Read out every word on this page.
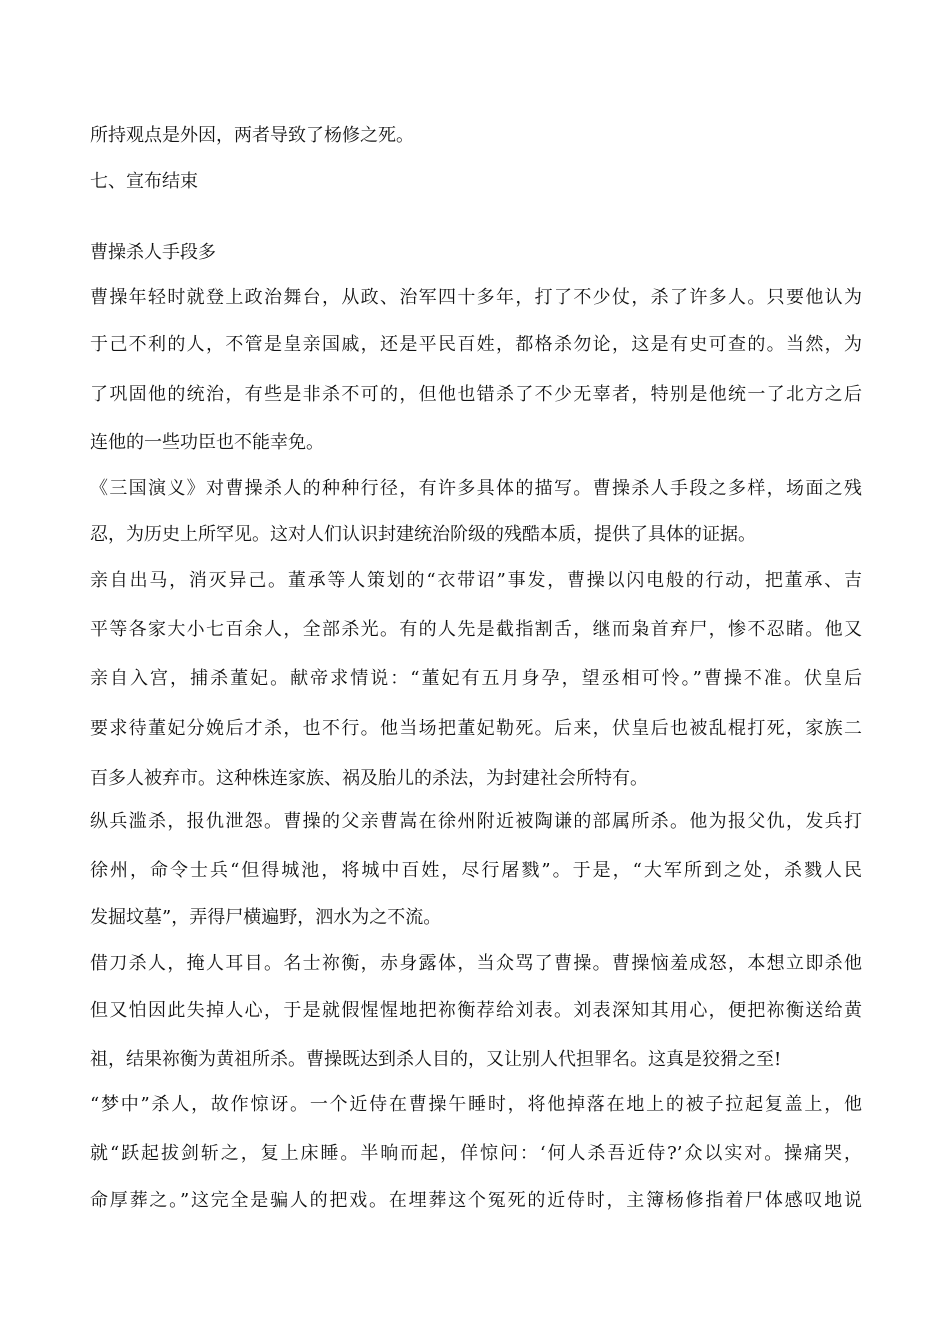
所持观点是外因，两者导致了杨修之死。
七、宣布结束
曹操杀人手段多
曹操年轻时就登上政治舞台，从政、治军四十多年，打了不少仗，杀了许多人。只要他认为
于己不利的人，不管是皇亲国戚，还是平民百姓，都格杀勿论，这是有史可查的。当然，为
了巩固他的统治，有些是非杀不可的，但他也错杀了不少无辜者，特别是他统一了北方之后
连他的一些功臣也不能幸免。
《三国演义》对曹操杀人的种种行径，有许多具体的描写。曹操杀人手段之多样，场面之残
忍，为历史上所罕见。这对人们认识封建统治阶级的残酷本质，提供了具体的证据。
亲自出马，消灭异己。董承等人策划的“衣带诏”事发，曹操以闪电般的行动，把董承、吉
平等各家大小七百余人，全部杀光。有的人先是截指割舌，继而枭首弃尸，惨不忍睹。他又
亲自入宫，捕杀董妃。献帝求情说：“董妃有五月身孕，望丞相可怜。”曹操不准。伏皇后
要求待董妃分娩后才杀，也不行。他当场把董妃勒死。后来，伏皇后也被乱棍打死，家族二
百多人被弃市。这种株连家族、祸及胎儿的杀法，为封建社会所特有。
纵兵滥杀，报仇泄怨。曹操的父亲曹嵩在徐州附近被陶谦的部属所杀。他为报父仇，发兵打
徐州，命令士兵“但得城池，将城中百姓，尽行屠戮”。于是，“大军所到之处，杀戮人民
发掘坟墓”，弄得尸横遍野，泗水为之不流。
借刀杀人，掩人耳目。名士祢衡，赤身露体，当众骂了曹操。曹操恼羞成怒，本想立即杀他
但又怕因此失掉人心，于是就假惺惺地把祢衡荐给刘表。刘表深知其用心，便把祢衡送给黄
祖，结果祢衡为黄祖所杀。曹操既达到杀人目的，又让别人代担罪名。这真是狡猾之至!
“梦中”杀人，故作惊讶。一个近侍在曹操午睡时，将他掉落在地上的被子拉起复盖上，他
就“跃起拔剑斩之，复上床睡。半晌而起，佯惊问：‘何人杀吾近侍?’众以实对。操痛哭，
命厚葬之。”这完全是骗人的把戏。在埋葬这个冤死的近侍时，主簿杨修指着尸体感叹地说
